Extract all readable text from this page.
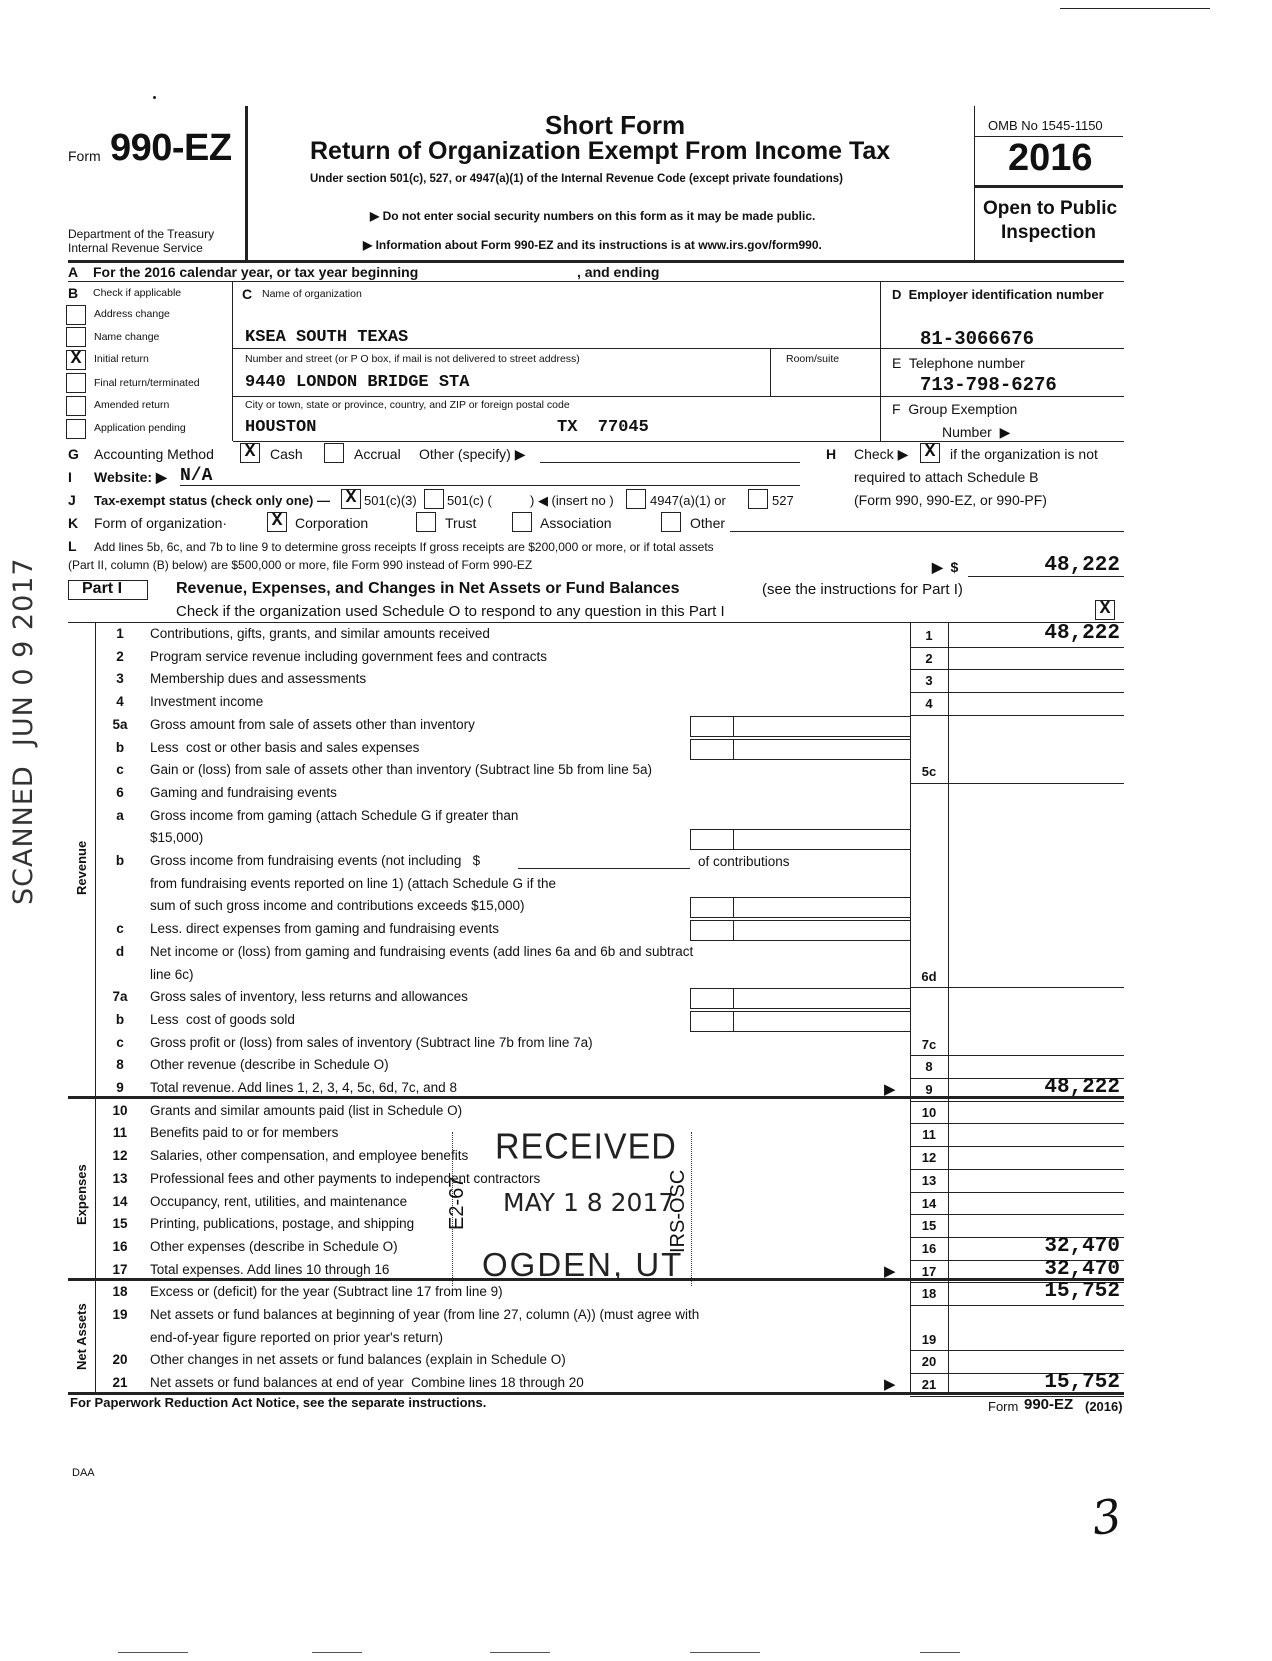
Form 990-EZ
Department of the Treasury
Internal Revenue Service
Short Form
Return of Organization Exempt From Income Tax
Under section 501(c), 527, or 4947(a)(1) of the Internal Revenue Code (except private foundations)
▶ Do not enter social security numbers on this form as it may be made public.
▶ Information about Form 990-EZ and its instructions is at www.irs.gov/form990.
OMB No 1545-1150
2016
Open to Public
Inspection
A For the 2016 calendar year, or tax year beginning	, and ending
B Check if applicable
Address change
Name change
X	Initial return
Final return/terminated
Amended return
Application pending
C Name of organization
KSEA SOUTH TEXAS
Number and street (or P O box, if mail is not delivered to street address)	Room/suite
9440 LONDON BRIDGE STA
City or town, state or province, country, and ZIP or foreign postal code
HOUSTON	TX  77045
D  Employer identification number
81-3066676
E  Telephone number
713-798-6276
F  Group Exemption
Number  ▶
G Accounting Method X	Cash	Accrual Other (specify) ▶	H Check ▶ X	if the organization is not
required to attach Schedule B
(Form 990, 990-EZ, or 990-PF)
I Website: ▶ N/A
J Tax-exempt status (check only one) — X 501(c)(3) 501(c) (	) ◀ (insert no )	4947(a)(1) or	527
K Form of organization· X Corporation	Trust	Association	Other
L Add lines 5b, 6c, and 7b to line 9 to determine gross receipts If gross receipts are $200,000 or more, or if total assets
(Part II, column (B) below) are $500,000 or more, file Form 990 instead of Form 990-EZ	▶  $	48,222
Part I	Revenue, Expenses, and Changes in Net Assets or Fund Balances	(see the instructions for Part I)
Check if the organization used Schedule O to respond to any question in this Part I	X
Revenue
Expenses
Net Assets
1	Contributions, gifts, grants, and similar amounts received	1	48,222
2	Program service revenue including government fees and contracts	2
3	Membership dues and assessments	3
4	Investment income	4
5a	Gross amount from sale of assets other than inventory
b	Less  cost or other basis and sales expenses
c	Gain or (loss) from sale of assets other than inventory (Subtract line 5b from line 5a)	5c
6	Gaming and fundraising events
a	Gross income from gaming (attach Schedule G if greater than
$15,000)
b	Gross income from fundraising events (not including   $
from fundraising events reported on line 1) (attach Schedule G if the
sum of such gross income and contributions exceeds $15,000)
c	Less. direct expenses from gaming and fundraising events
d	Net income or (loss) from gaming and fundraising events (add lines 6a and 6b and subtract
line 6c)	6d
7a	Gross sales of inventory, less returns and allowances
b	Less  cost of goods sold
c	Gross profit or (loss) from sales of inventory (Subtract line 7b from line 7a)	7c
8	Other revenue (describe in Schedule O)	8
9	Total revenue. Add lines 1, 2, 3, 4, 5c, 6d, 7c, and 8	▶	9	48,222
10	Grants and similar amounts paid (list in Schedule O)	10
11	Benefits paid to or for members	11
12	Salaries, other compensation, and employee benefits	12
13	Professional fees and other payments to independent contractors	13
14	Occupancy, rent, utilities, and maintenance	14
15	Printing, publications, postage, and shipping	15
16	Other expenses (describe in Schedule O)	16	32,470
17	Total expenses. Add lines 10 through 16	▶	17	32,470
18	Excess or (deficit) for the year (Subtract line 17 from line 9)	18	15,752
19	Net assets or fund balances at beginning of year (from line 27, column (A)) (must agree with
end-of-year figure reported on prior year's return)	19
20	Other changes in net assets or fund balances (explain in Schedule O)	20
21	Net assets or fund balances at end of year  Combine lines 18 through 20	▶	21	15,752
of contributions
For Paperwork Reduction Act Notice, see the separate instructions.	Form 990-EZ (2016)
DAA
3
SCANNED  JUN 0 9 2017
RECEIVED
MAY 1 8 2017
E2-67	IRS-OSC
OGDEN, UT
